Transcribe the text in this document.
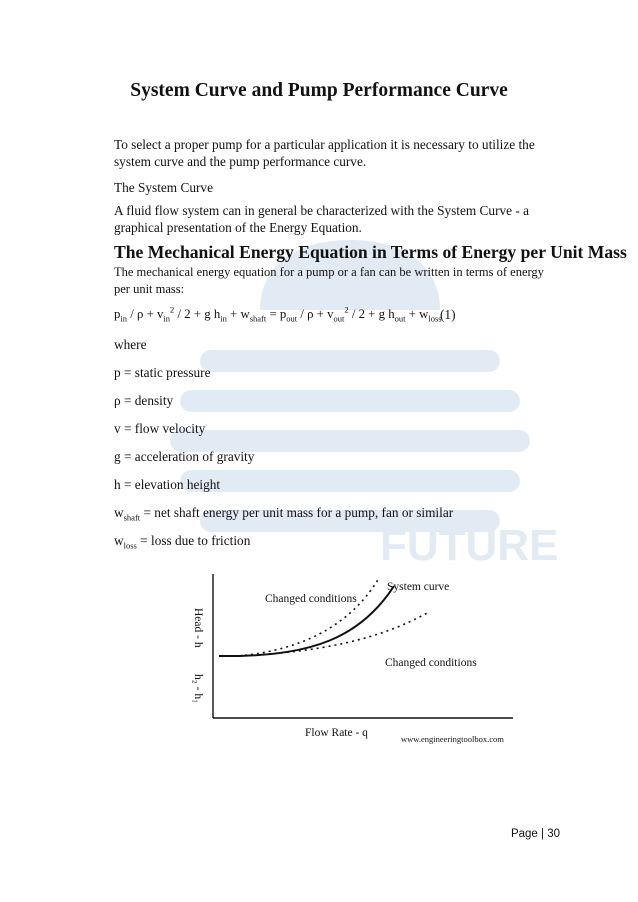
FUTURE
System Curve and Pump Performance Curve
To select a proper pump for a particular application it is necessary to utilize the system curve and the pump performance curve.
The System Curve
A fluid flow system can in general be characterized with the System Curve - a graphical presentation of the Energy Equation.
The Mechanical Energy Equation in Terms of Energy per Unit Mass
The mechanical energy equation for a pump or a fan can be written in terms of energy per unit mass:
$p_{in} / \rho + v_{in}^2 / 2 + g$ $h_{in} + w_{shaft} = p_{out} / \rho + v_{out}^2 / 2 + g$ $h_{out} + w_{loss}$
(1)
where
p = static pressure
ρ = density
v = flow velocity
g = acceleration of gravity
h = elevation height
$w_{shaft}$ = net shaft energy per unit mass for a pump, fan or similar
$w_{loss}$ = loss due to friction
Changed conditions
System curve
Changed conditions
Head - h
h₂ - h₁
Flow Rate - q	www.engineeringtoolbox.com
Page | 30
